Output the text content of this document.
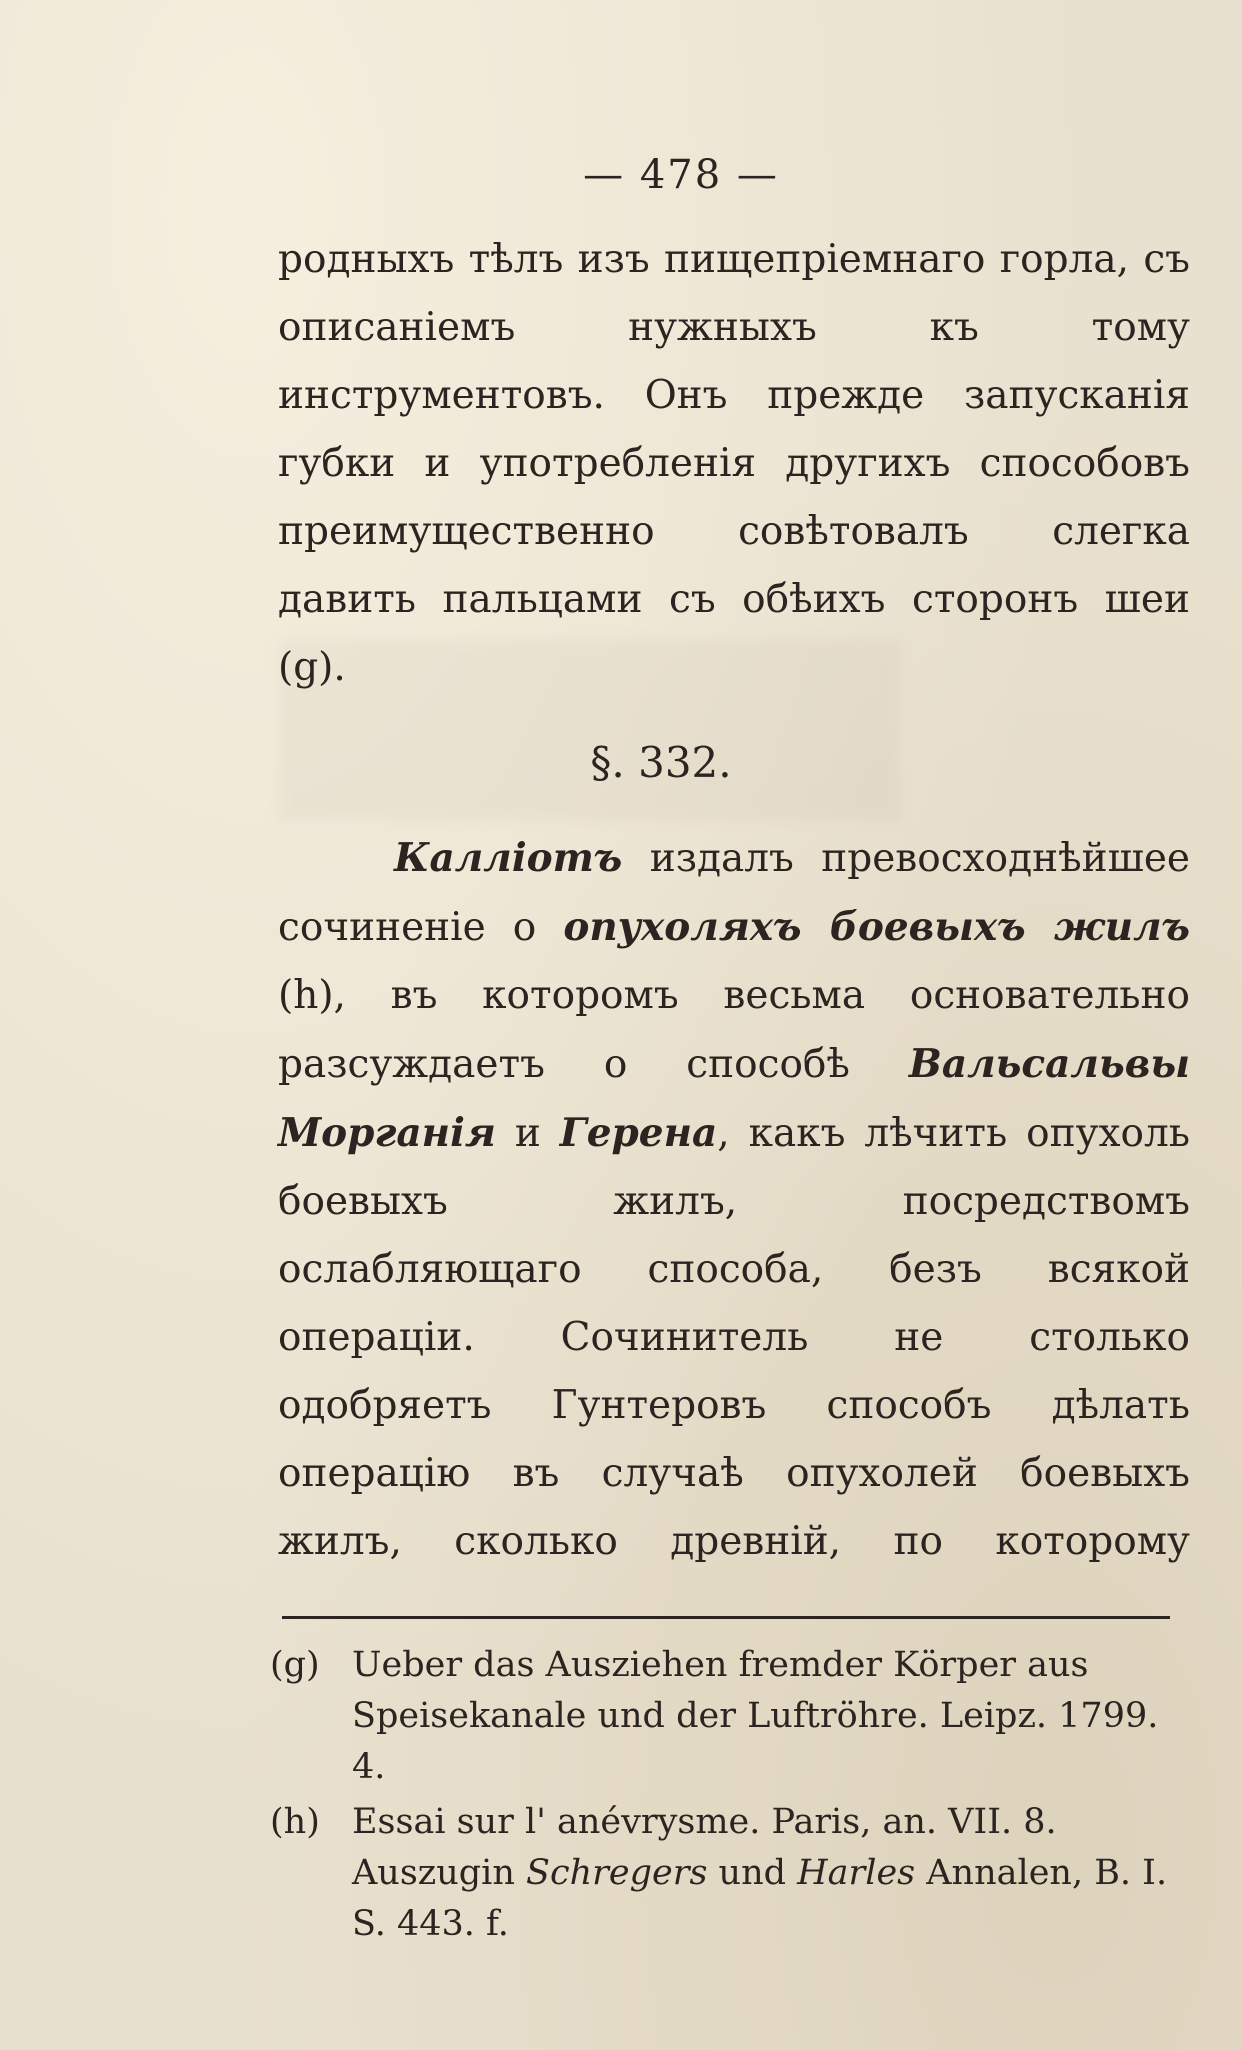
— 478 —
родныхъ тѣлъ изъ пищепріемнаго горла, съ описаніемъ нужныхъ къ тому инструментовъ. Онъ прежде запусканія губки и употребленія другихъ способовъ преимущественно совѣтовалъ слегка давить пальцами съ обѣихъ сторонъ шеи (g).
§. 332.
Калліотъ издалъ превосходнѣйшее сочиненіе о опухоляхъ боевыхъ жилъ (h), въ которомъ весьма основательно разсуждаетъ о способѣ Вальсальвы Морганія и Герена, какъ лѣчить опухоль боевыхъ жилъ, посредствомъ ослабляющаго способа, безъ всякой операціи. Сочинитель не столько одобряетъ Гунтеровъ способъ дѣлать операцію въ случаѣ опухолей боевыхъ жилъ, сколько древній, по которому
(g) Ueber das Ausziehen fremder Körper aus Speisekanale und der Luftröhre. Leipz. 1799. 4.
(h) Essai sur l' anévrysme. Paris, an. VII. 8. Auszugin Schregers und Harles Annalen, B. I. S. 443. f.
